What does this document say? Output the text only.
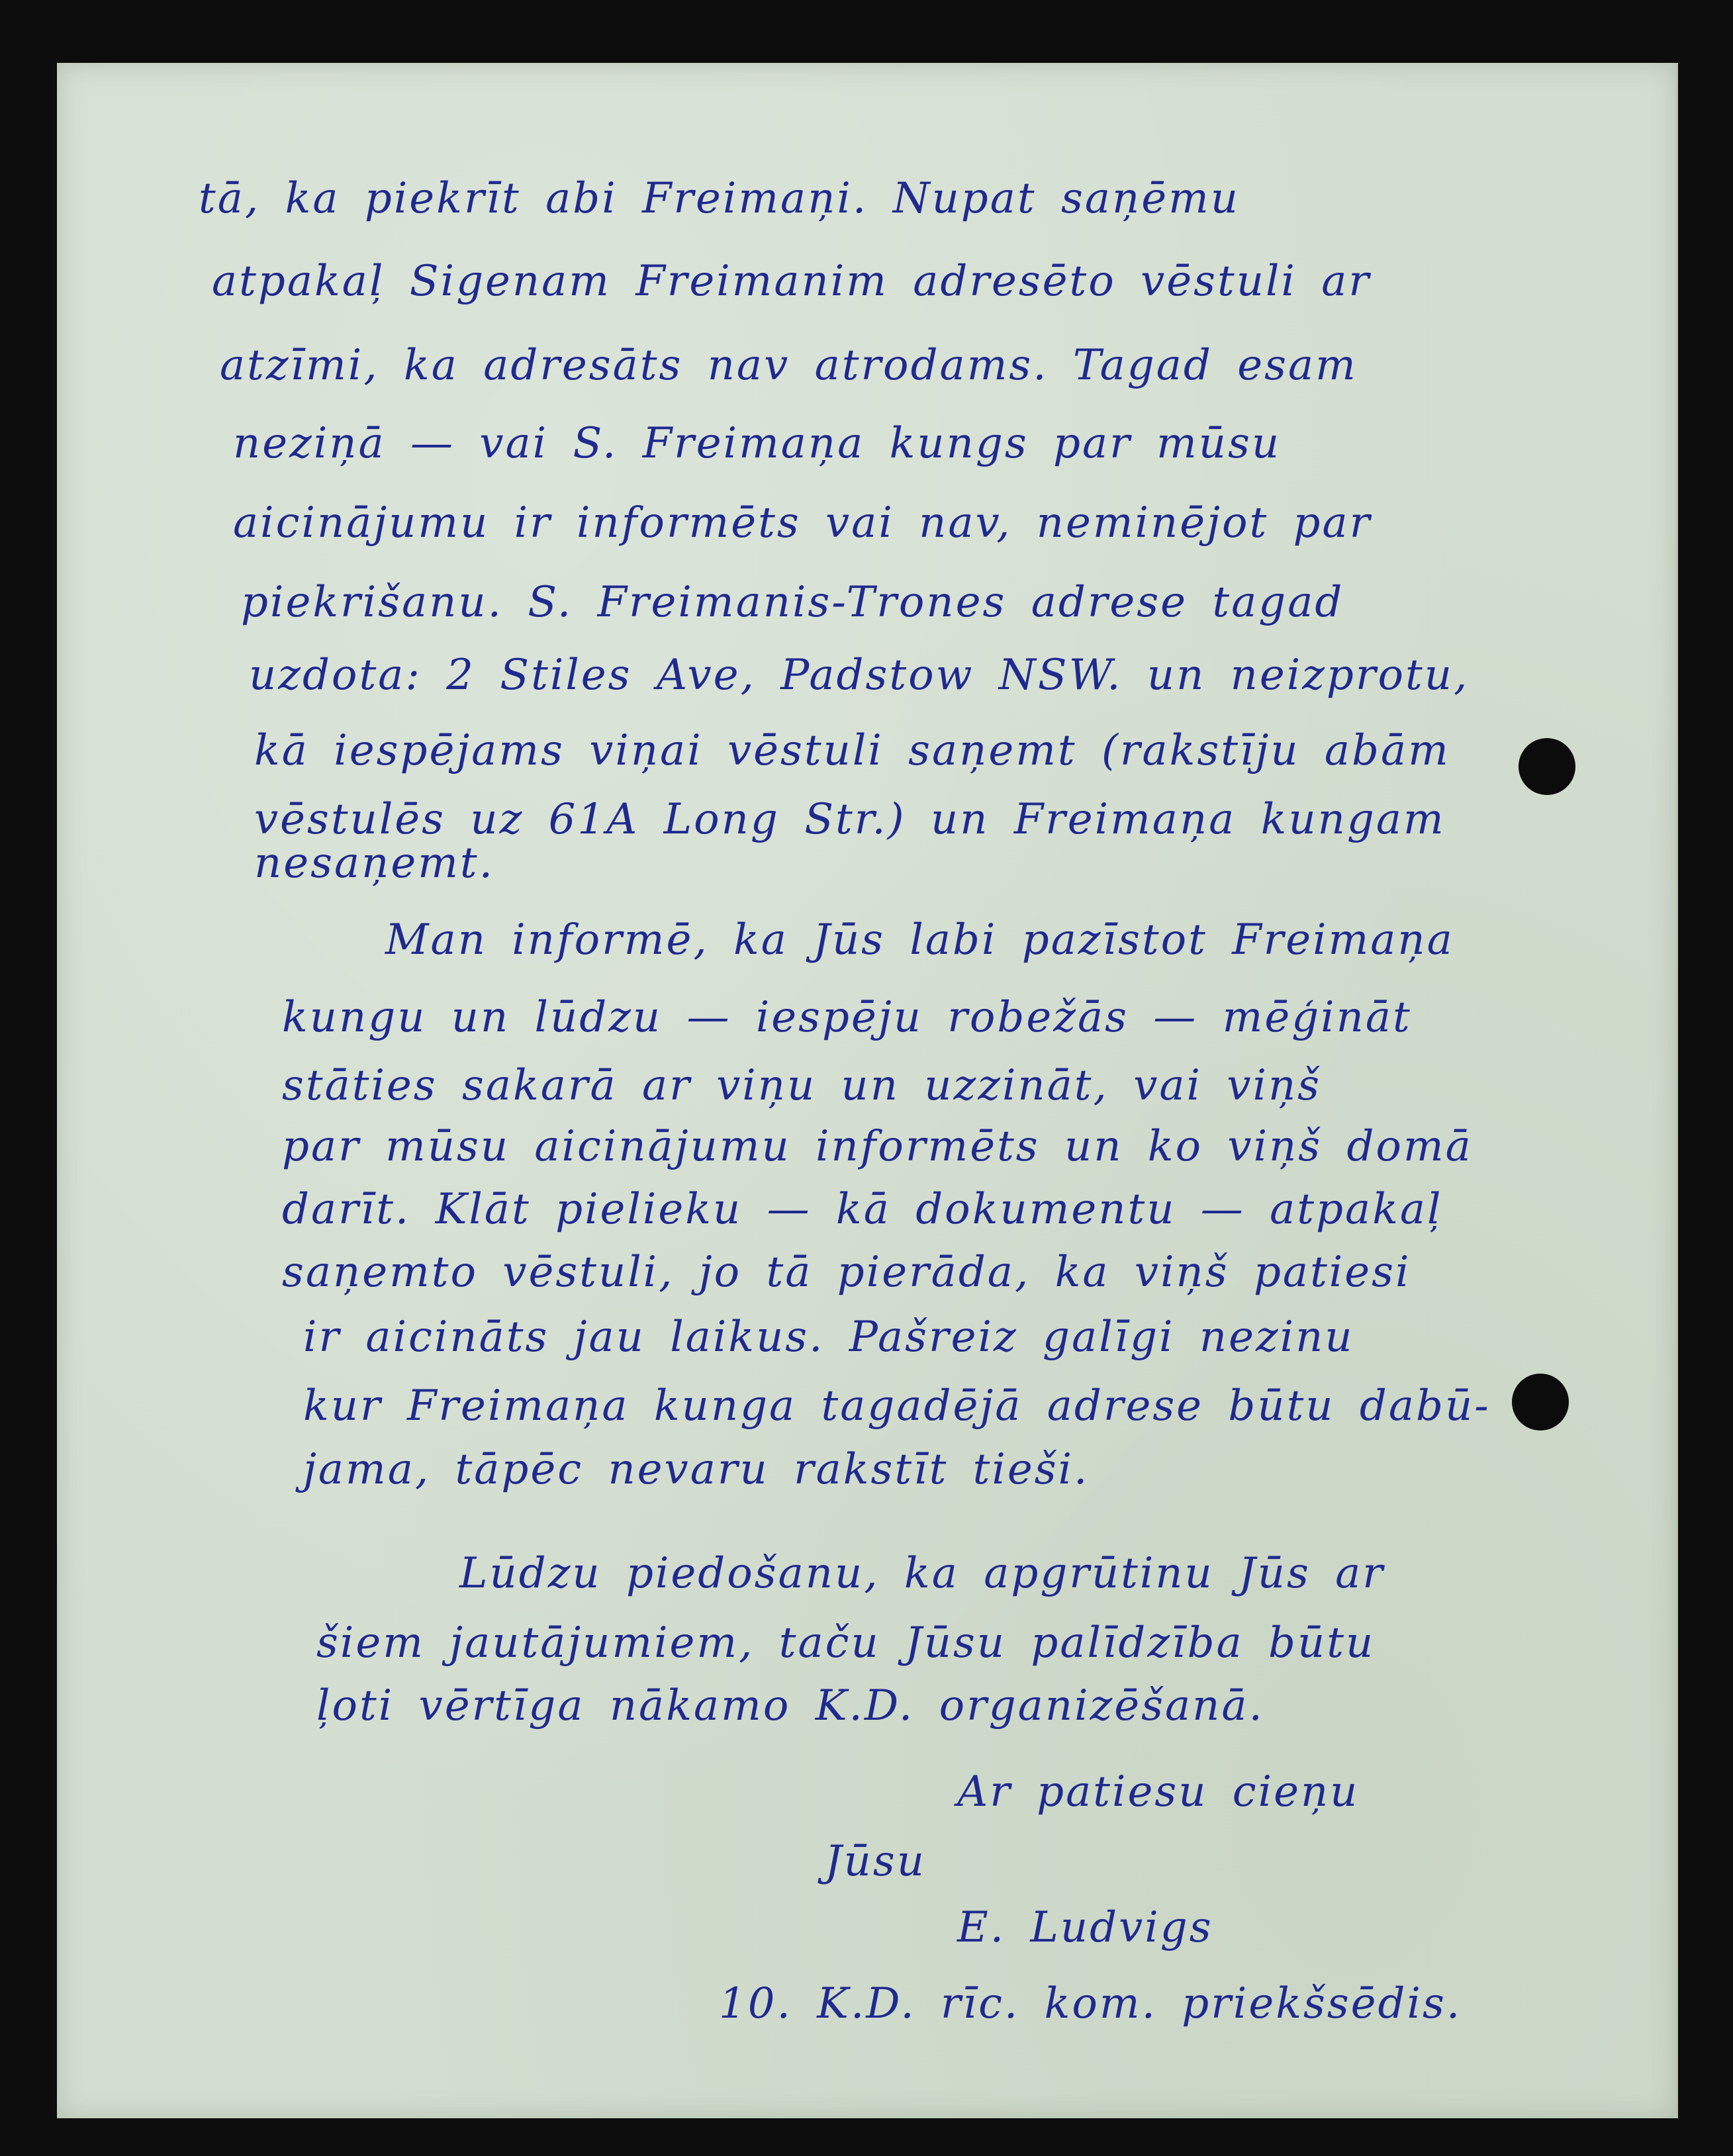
tā, ka piekrīt abi Freimaņi. Nupat saņēmu
atpakaļ Sigenam Freimanim adresēto vēstuli ar
atzīmi, ka adresāts nav atrodams. Tagad esam
neziņā — vai S. Freimaņa kungs par mūsu
aicinājumu ir informēts vai nav, neminējot par
piekrišanu. S. Freimanis-Trones adrese tagad
uzdota: 2 Stiles Ave, Padstow NSW. un neizprotu,
kā iespējams viņai vēstuli saņemt (rakstīju abām
vēstulēs uz 61A Long Str.) un Freimaņa kungam
nesaņemt.
Man informē, ka Jūs labi pazīstot Freimaņa
kungu un lūdzu — iespēju robežās — mēģināt
stāties sakarā ar viņu un uzzināt, vai viņš
par mūsu aicinājumu informēts un ko viņš domā
darīt. Klāt pielieku — kā dokumentu — atpakaļ
saņemto vēstuli, jo tā pierāda, ka viņš patiesi
ir aicināts jau laikus. Pašreiz galīgi nezinu
kur Freimaņa kunga tagadējā adrese būtu dabū-
jama, tāpēc nevaru rakstīt tieši.
Lūdzu piedošanu, ka apgrūtinu Jūs ar
šiem jautājumiem, taču Jūsu palīdzība būtu
ļoti vērtīga nākamo K.D. organizēšanā.
Ar patiesu cieņu
Jūsu
E. Ludvigs
10. K.D. rīc. kom. priekšsēdis.
